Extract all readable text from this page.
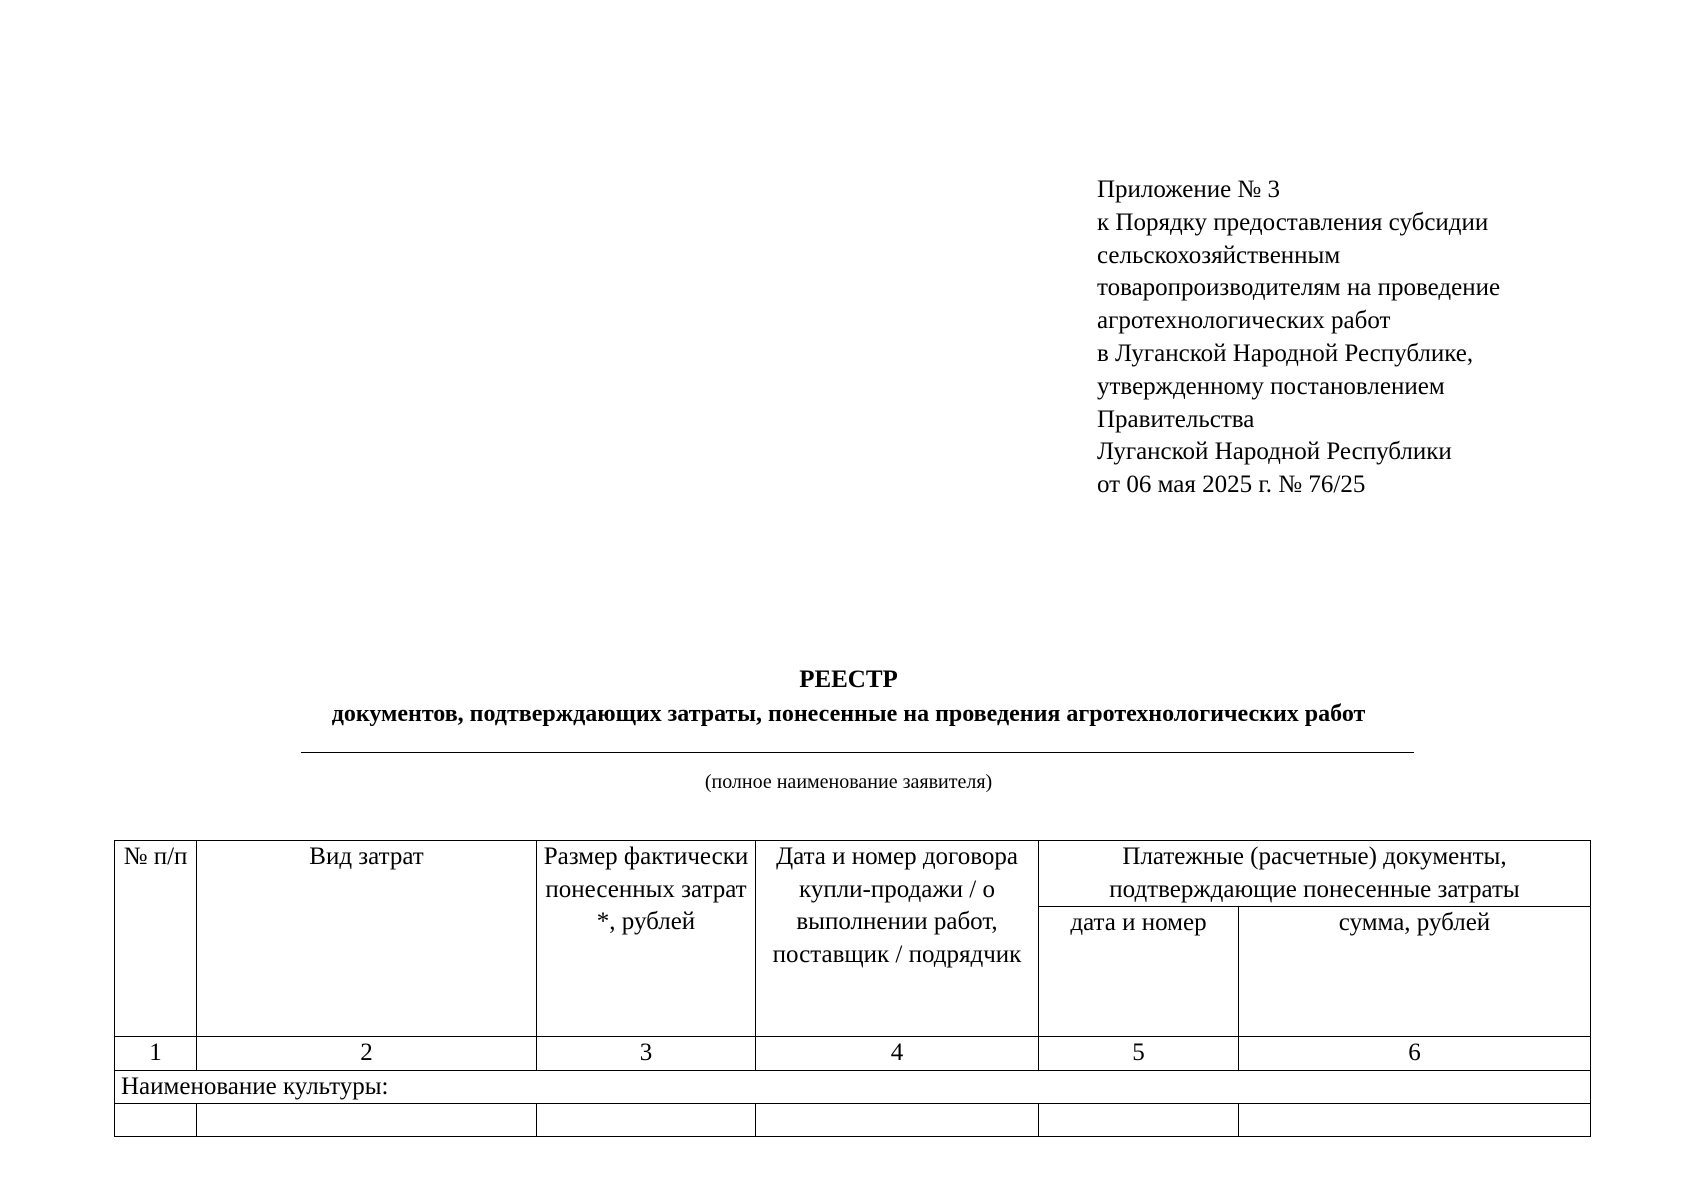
Приложение № 3
к Порядку предоставления субсидии
сельскохозяйственным
товаропроизводителям на проведение
агротехнологических работ
в Луганской Народной Республике,
утвержденному постановлением
Правительства
Луганской Народной Республики
от 06 мая 2025 г. № 76/25
РЕЕСТР
документов, подтверждающих затраты, понесенные на проведения агротехнологических работ
(полное наименование заявителя)
№ п/п	Вид затрат	Размер фактически понесенных затрат *, рублей	Дата и номер договора купли-продажи / о выполнении работ, поставщик / подрядчик	Платежные (расчетные) документы, подтверждающие понесенные затраты	
				дата и номер	сумма, рублей
1	2	3	4	5	6
Наименование культуры:					
